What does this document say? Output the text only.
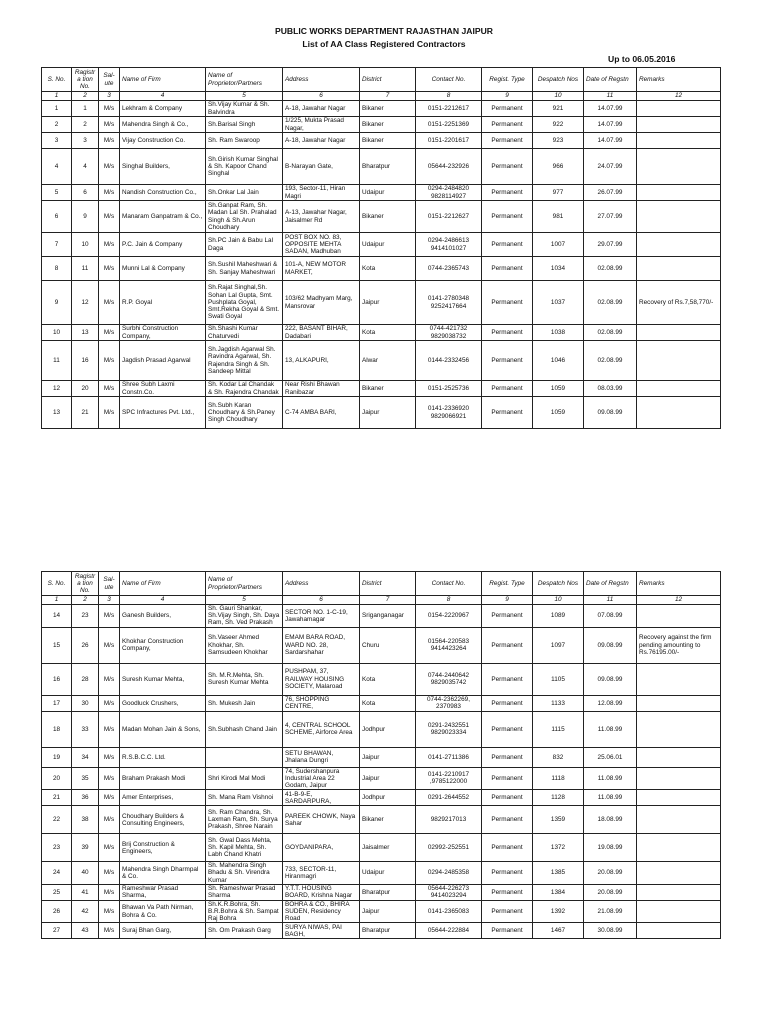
PUBLIC WORKS DEPARTMENT RAJASTHAN JAIPUR
List of AA Class Registered Contractors
Up to 06.05.2016
S. No.	Ragistra tion No.	Sal- ute	Name of Firm	Name of Proprietor/Partners	Address	District	Contact No.	Regist. Type	Despatch Nos	Date of Regstn	Remarks
1	2	3	4	5	6	7	8	9	10	11	12
1	1	M/s	Lekhram & Company	Sh.Vijay Kumar & Sh. Balvindra	A-18, Jawahar Nagar	Bikaner	0151-2212617	Permanent	921	14.07.99	
2	2	M/s	Mahendra Singh & Co.,	Sh.Barisal Singh	1/225, Mukta Prasad Nagar,	Bikaner	0151-2251369	Permanent	922	14.07.99	
3	3	M/s	Vijay Construction Co.	Sh. Ram Swaroop	A-18, Jawahar Nagar	Bikaner	0151-2201617	Permanent	923	14.07.99	
4	4	M/s	Singhal Builders,	Sh.Girish Kumar Singhal & Sh. Kapoor Chand Singhal	B-Narayan Gate,	Bharatpur	05644-232926	Permanent	966	24.07.99	
5	6	M/s	Nandish Construction Co.,	Sh.Onkar Lal Jain	193, Sector-11, Hiran Magri	Udaipur	0294-2484820 9828114927	Permanent	977	26.07.99	
6	9	M/s	Manaram Ganpatram & Co.,	Sh.Ganpat Ram, Sh. Madan Lal Sh. Prahalad Singh & Sh.Arun Choudhary	A-13, Jawahar Nagar, Jaisalmer Rd	Bikaner	0151-2212627	Permanent	981	27.07.99	
7	10	M/s	P.C. Jain & Company	Sh.PC Jain & Babu Lal Daga	POST BOX NO. 83, OPPOSITE MEHTA SADAN, Madhuban	Udaipur	0294-2486613 9414101027	Permanent	1007	29.07.99	
8	11	M/s	Munni Lal & Company	Sh.Sushil Maheshwari & Sh. Sanjay Maheshwari	101-A, NEW MOTOR MARKET,	Kota	0744-2365743	Permanent	1034	02.08.99	
9	12	M/s	R.P. Goyal	Sh.Rajat Singhal,Sh. Sohan Lal Gupta, Smt. Pushplata Goyal, Smt.Rekha Goyal & Smt. Swati Goyal	103/62 Madhyam Marg, Mansrovar	Jaipur	0141-2780348 9252417664	Permanent	1037	02.08.99	Recovery of Rs.7,58,770/-
10	13	M/s	Surbhi Construction Company,	Sh.Shashi Kumar Chaturvedi	222, BASANT BIHAR, Dadabari	Kota	0744-421732 9829038732	Permanent	1038	02.08.99	
11	16	M/s	Jagdish Prasad Agarwal	Sh.Jagdish Agarwal Sh. Ravindra Agarwal, Sh. Rajendra Singh & Sh. Sandeep Mittal	13, ALKAPURI,	Alwar	0144-2332456	Permanent	1046	02.08.99	
12	20	M/s	Shree Subh Laxmi Constn.Co.	Sh. Kodar Lal Chandak & Sh. Rajendra Chandak	Near Rishi Bhawan Ranibazar	Bikaner	0151-2525736	Permanent	1059	08.03.99	
13	21	M/s	SPC Infractures Pvt. Ltd.,	Sh.Subh Karan Choudhary & Sh.Paney Singh Choudhary	C-74 AMBA BARI,	Jaipur	0141-2336920 9829066921	Permanent	1059	09.08.99	
S. No.	Ragistra tion No.	Sal- ute	Name of Firm	Name of Proprietor/Partners	Address	District	Contact No.	Regist. Type	Despatch Nos	Date of Regstn	Remarks
1	2	3	4	5	6	7	8	9	10	11	12
14	23	M/s	Ganesh Builders,	Sh. Gauri Shankar, Sh.Vijay Singh, Sh. Daya Ram, Sh. Ved Prakash	SECTOR NO. 1-C-19, Jawahamagar	Sriganganagar	0154-2220967	Permanent	1089	07.08.99	
15	26	M/s	Khokhar Construction Company,	Sh.Vaseer Ahmed Khokhar, Sh. Samsudeen Khokhar	EMAM BARA ROAD, WARD NO. 28, Sardarshahar	Churu	01564-220583 9414423264	Permanent	1097	09.08.99	Recovery against the firm pending amounting to Rs.76195.00/-
16	28	M/s	Suresh Kumar Mehta,	Sh. M.R.Mehta, Sh. Suresh Kumar Mehta	PUSHPAM, 37, RAILWAY HOUSING SOCIETY, Malaroad	Kota	0744-2440642 9829035742	Permanent	1105	09.08.99	
17	30	M/s	Goodluck Crushers,	Sh. Mukesh Jain	76, SHOPPING CENTRE,	Kota	0744-2362269, 2370983	Permanent	1133	12.08.99	
18	33	M/s	Madan Mohan Jain & Sons,	Sh.Subhash Chand Jain	4, CENTRAL SCHOOL SCHEME, Airforce Area	Jodhpur	0291-2432551 9829023334	Permanent	1115	11.08.99	
19	34	M/s	R.S.B.C.C. Ltd.		SETU BHAWAN, Jhalana Dungri	Jaipur	0141-2711386	Permanent	832	25.06.01	
20	35	M/s	Braham Prakash Modi	Shri Kirodi Mal Modi	74, Sudershanpura Industrial Area 22 Godam, Jaipur	Jaipur	0141-2210917 ,9785122000	Permanent	1118	11.08.99	
21	36	M/s	Amer Enterprises,	Sh. Mana Ram Vishnoi	41-B-9-E, SARDARPURA,	Jodhpur	0291-2644552	Permanent	1128	11.08.99	
22	38	M/s	Choudhary Builders & Consulting Engineers,	Sh. Ram Chandra, Sh. Laxman Ram, Sh. Surya Prakash, Shree Narain	PAREEK CHOWK, Naya Sahar	Bikaner	9829217013	Permanent	1359	18.08.99	
23	39	M/s	Brij Construction & Engineers,	Sh. Gwal Dass Mehta, Sh. Kapil Mehta, Sh. Labh Chand Khatri	GOYDANIPARA,	Jaisalmer	02992-252551	Permanent	1372	19.08.99	
24	40	M/s	Mahendra Singh Dharmpal & Co.	Sh. Mahendra Singh Bhadu & Sh. Virendra Kumar	733, SECTOR-11, Hiranmagri	Udaipur	0294-2485358	Permanent	1385	20.08.99	
25	41	M/s	Rameshwar Prasad Sharma,	Sh. Rameshwar Prasad Sharma	Y.T.T. HOUSING BOARD, Krishna Nagar	Bharatpur	05644-226273 9414023294	Permanent	1384	20.08.99	
26	42	M/s	Bhawan Va Path Nirman, Bohra & Co.	Sh.K.R.Bohra, Sh. B.R.Bohra & Sh. Sampat Raj Bohra	BOHRA & CO., BHIRA SUDEN, Residency Road	Jaipur	0141-2365083	Permanent	1392	21.08.99	
27	43	M/s	Suraj Bhan Garg,	Sh. Om Prakash Garg	SURYA NIWAS, PAI BAGH,	Bharatpur	05644-222884	Permanent	1467	30.08.99	
